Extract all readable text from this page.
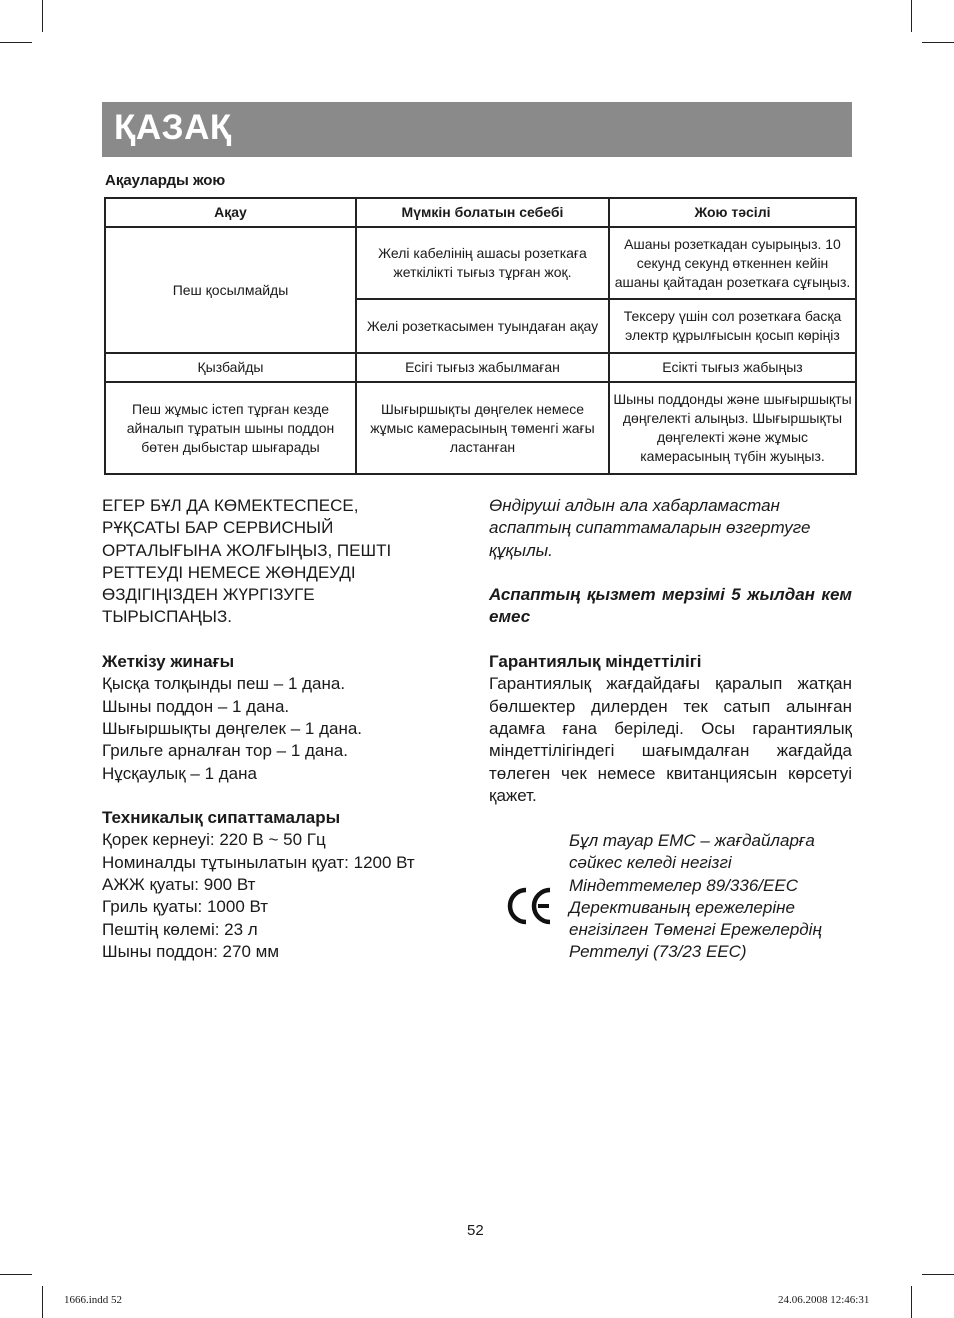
ҚАЗАҚ
Ақауларды жою
Ақау	Мүмкін болатын себебі	Жою тәсілі
Пеш қосылмайды	Желі кабелінің ашасы розеткаға жеткілікті тығыз тұрған жоқ.	Ашаны розеткадан суырыңыз. 10 секунд секунд өткеннен кейін ашаны қайтадан розеткаға сұғыңыз.
	Желі розеткасымен туындаған ақау	Тексеру үшін сол розеткаға басқа электр құрылғысын қосып көріңіз
Қызбайды	Есігі тығыз жабылмаған	Есікті тығыз жабыңыз
Пеш жұмыс істеп тұрған кезде айналып тұратын шыны поддон бөтен дыбыстар шығарады	Шығыршықты дөңгелек немесе жұмыс камерасының төменгі жағы ластанған	Шыны поддонды және шығыршықты дөңгелекті алыңыз. Шығыршықты дөңгелекті және жұмыс камерасының түбін жуыңыз.

ЕГЕР БҰЛ ДА КӨМЕКТЕСПЕСЕ,

РҰҚСАТЫ БАР СЕРВИСНЫЙ

ОРТАЛЫҒЫНА ЖОЛҒЫҢЫЗ, ПЕШТІ

РЕТТЕУДІ НЕМЕСЕ ЖӨНДЕУДІ

ӨЗДІГІҢІЗДЕН ЖҮРГІЗУГЕ

ТЫРЫСПАҢЫЗ.

Жеткізу жинағы

Қысқа толқынды пеш – 1 дана.

Шыны поддон – 1 дана.

Шығыршықты дөңгелек – 1 дана.

Грильге арналған тор – 1 дана.

Нұсқаулық – 1 дана

Техникалық сипаттамалары

Қорек кернеуі: 220 В ~ 50 Гц

Номиналды тұтынылатын қуат: 1200 Вт

АЖЖ қуаты: 900 Вт

Гриль қуаты: 1000 Вт

Пештің көлемі: 23 л

Шыны поддон: 270 мм

Өндіруші алдын ала хабарламастан аспаптың сипаттамаларын өзгертуге құқылы.

Аспаптың қызмет мерзімі 5 жылдан кем емес

Гарантиялық міндеттілігі

Гарантиялық жағдайдағы қаралып жатқан бөлшектер дилерден тек сатып алынған адамға ғана беріледі. Осы гарантиялық міндеттілігіндегі шағымдалған жағдайда төлеген чек немесе квитанциясын көрсетуі қажет.

Бұл тауар ЕМС – жағдайларға

сәйкес келеді негізгі

Міндеттемелер 89/336/ЕЕС

Дерективаның ережелеріне

енгізілген Төменгі Ережелердің

Реттелуі (73/23 ЕЕС)

52
1666.indd 52	24.06.2008 12:46:31
